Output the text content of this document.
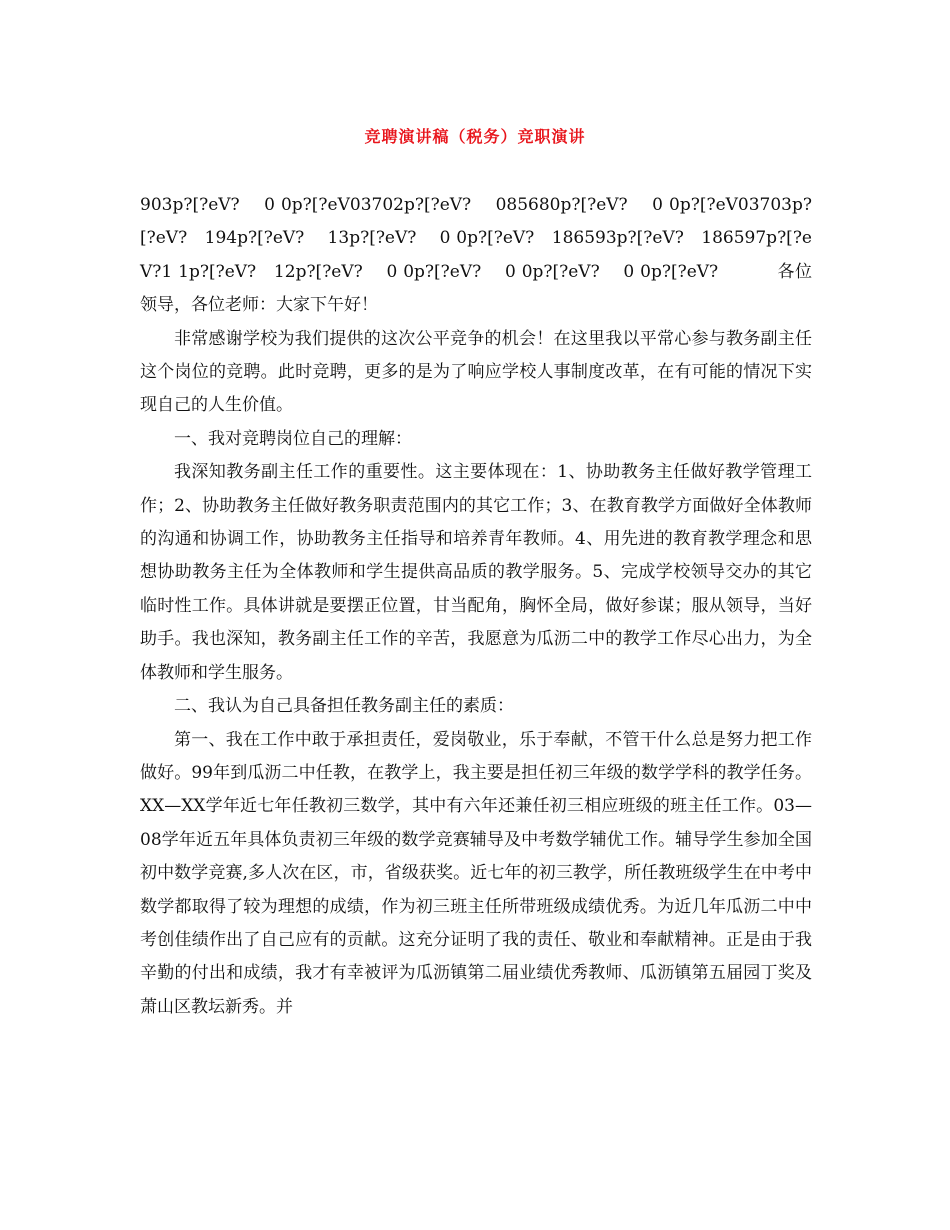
竞聘演讲稿（税务）竞职演讲

903p?[?eV?    0 0p?[?eV03702p?[?eV?    085680p?[?eV?    0 0p?[?eV03703p?[?eV?   194p?[?eV?    13p?[?eV?    0 0p?[?eV?   186593p?[?eV?   186597p?[?eV?1 1p?[?eV?   12p?[?eV?    0 0p?[?eV?    0 0p?[?eV?    0 0p?[?eV?          各位领导，各位老师：大家下午好！

非常感谢学校为我们提供的这次公平竞争的机会！在这里我以平常心参与教务副主任这个岗位的竞聘。此时竞聘，更多的是为了响应学校人事制度改革，在有可能的情况下实现自己的人生价值。

一、我对竞聘岗位自己的理解：

我深知教务副主任工作的重要性。这主要体现在：1、协助教务主任做好教学管理工作；2、协助教务主任做好教务职责范围内的其它工作；3、在教育教学方面做好全体教师的沟通和协调工作，协助教务主任指导和培养青年教师。4、用先进的教育教学理念和思想协助教务主任为全体教师和学生提供高品质的教学服务。5、完成学校领导交办的其它临时性工作。具体讲就是要摆正位置，甘当配角，胸怀全局，做好参谋；服从领导，当好助手。我也深知，教务副主任工作的辛苦，我愿意为瓜沥二中的教学工作尽心出力，为全体教师和学生服务。

二、我认为自己具备担任教务副主任的素质：

第一、我在工作中敢于承担责任，爱岗敬业，乐于奉献，不管干什么总是努力把工作做好。99年到瓜沥二中任教，在教学上，我主要是担任初三年级的数学学科的教学任务。XX—XX学年近七年任教初三数学，其中有六年还兼任初三相应班级的班主任工作。03—08学年近五年具体负责初三年级的数学竞赛辅导及中考数学辅优工作。辅导学生参加全国初中数学竞赛,多人次在区，市，省级获奖。近七年的初三教学，所任教班级学生在中考中数学都取得了较为理想的成绩，作为初三班主任所带班级成绩优秀。为近几年瓜沥二中中考创佳绩作出了自己应有的贡献。这充分证明了我的责任、敬业和奉献精神。正是由于我辛勤的付出和成绩，我才有幸被评为瓜沥镇第二届业绩优秀教师、瓜沥镇第五届园丁奖及萧山区教坛新秀。并
